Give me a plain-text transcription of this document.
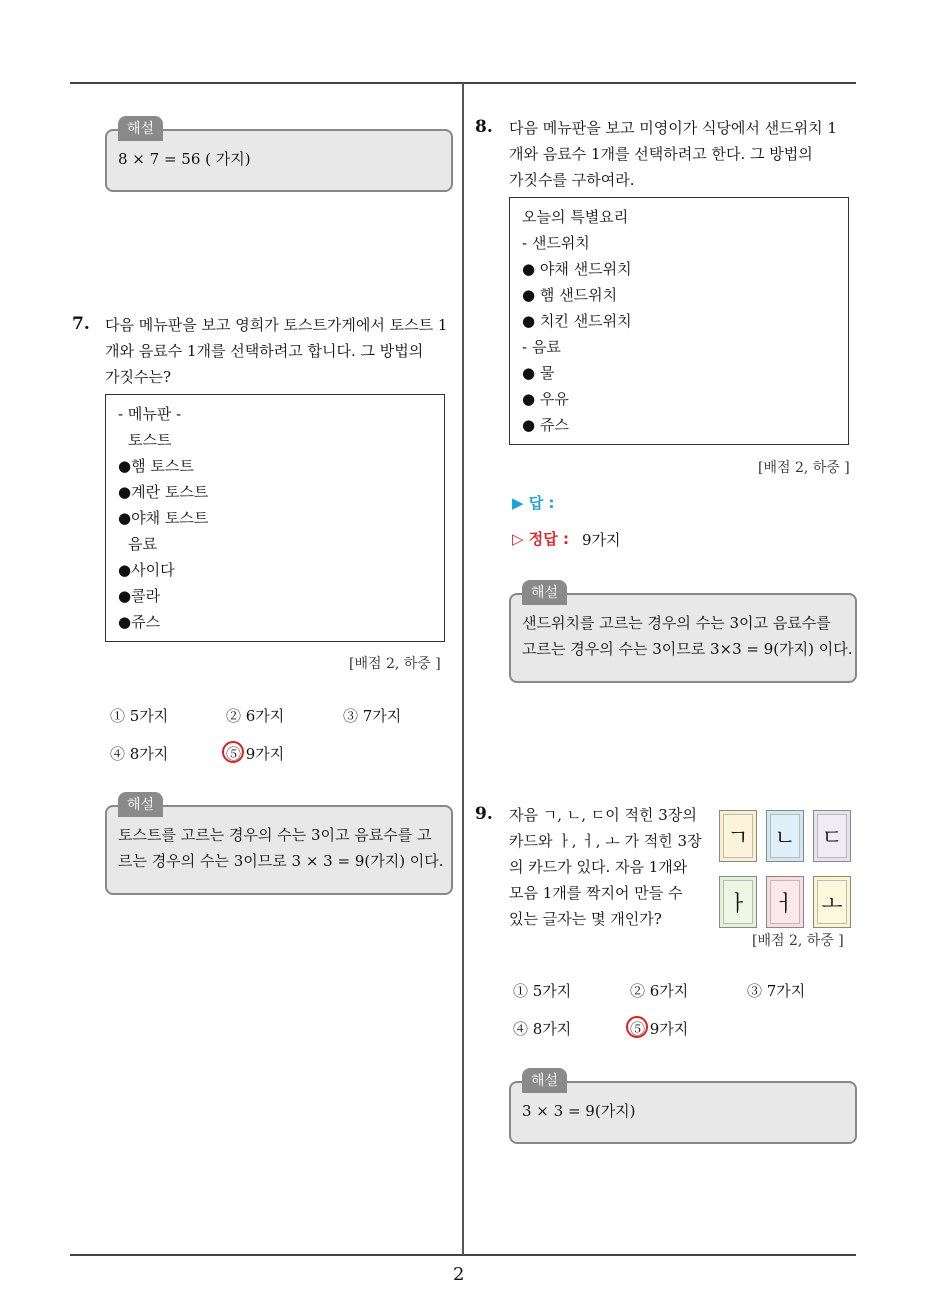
2
해설
8 × 7 = 56 ( 가지)
7. 다음 메뉴판을 보고 영희가 토스트가게에서 토스트 1
개와 음료수 1개를 선택하려고 합니다. 그 방법의
가짓수는?
- 메뉴판 -
토스트
●햄 토스트
●계란 토스트
●야채 토스트
음료
●사이다
●콜라
●쥬스
[배점 2, 하중 ]
① 5가지	② 6가지	③ 7가지
④ 8가지	⑤ 9가지
해설
토스트를 고르는 경우의 수는 3이고 음료수를 고
르는 경우의 수는 3이므로 3 × 3 = 9(가지) 이다.
8. 다음 메뉴판을 보고 미영이가 식당에서 샌드위치 1
개와 음료수 1개를 선택하려고 한다. 그 방법의
가짓수를 구하여라.
오늘의 특별요리
- 샌드위치
● 야채 샌드위치
● 햄 샌드위치
● 치킨 샌드위치
- 음료
● 물
● 우유
● 쥬스
[배점 2, 하중 ]
▶ 답 :
▷ 정답 : 9가지
해설
샌드위치를 고르는 경우의 수는 3이고 음료수를
고르는 경우의 수는 3이므로 3×3 = 9(가지) 이다.
9. 자음 ㄱ, ㄴ, ㄷ이 적힌 3장의
카드와 ㅏ, ㅓ, ㅗ 가 적힌 3장
의 카드가 있다. 자음 1개와
모음 1개를 짝지어 만들 수
있는 글자는 몇 개인가?
ㄱ ㄴ ㄷ
ㅏ ㅓ ㅗ
[배점 2, 하중 ]
① 5가지	② 6가지	③ 7가지
④ 8가지	⑤ 9가지
해설
3 × 3 = 9(가지)
